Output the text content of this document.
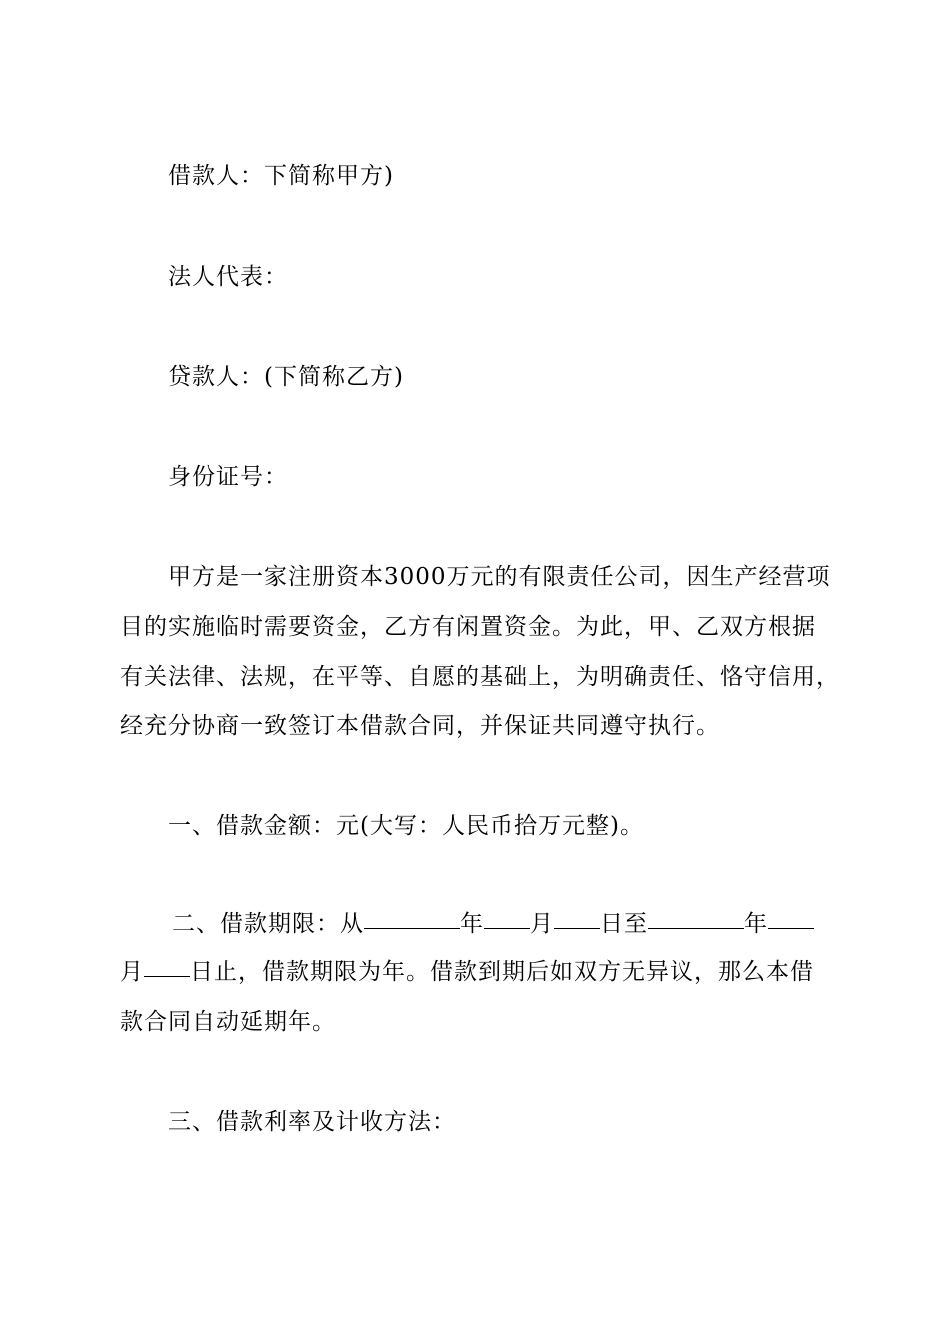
借款人：下简称甲方)
法人代表：
贷款人：(下简称乙方)
身份证号：
甲方是一家注册资本3000万元的有限责任公司，因生产经营项
目的实施临时需要资金，乙方有闲置资金。为此，甲、乙双方根据
有关法律、法规，在平等、自愿的基础上，为明确责任、恪守信用，
经充分协商一致签订本借款合同，并保证共同遵守执行。
一、借款金额：元(大写：人民币拾万元整)。
二、借款期限：从	年 月 日至	年
月 日止，借款期限为年。借款到期后如双方无异议，那么本借
款合同自动延期年。
三、借款利率及计收方法：
